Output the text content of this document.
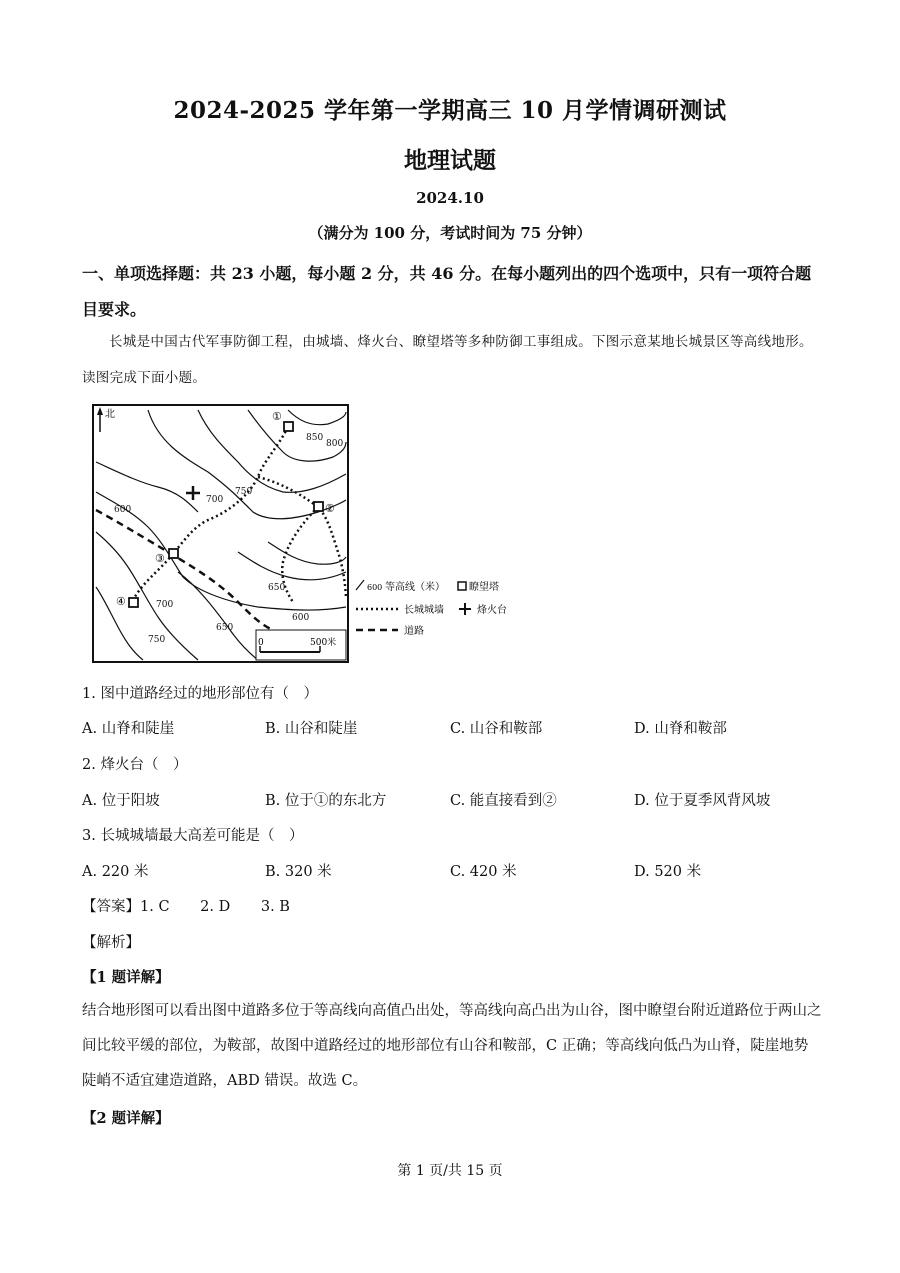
2024-2025 学年第一学期高三 10 月学情调研测试
地理试题
2024.10
（满分为 100 分，考试时间为 75 分钟）
一、单项选择题：共 23 小题，每小题 2 分，共 46 分。在每小题列出的四个选项中，只有一项符合题目要求。
长城是中国古代军事防御工程，由城墙、烽火台、瞭望塔等多种防御工事组成。下图示意某地长城景区等高线地形。读图完成下面小题。
北	①
②
③
④
850
800
750
700
600
650
700
650
600
750	0	500米
600 等高线（米） 瞭望塔
长城城墙	烽火台
道路
1. 图中道路经过的地形部位有（　）
A. 山脊和陡崖	B. 山谷和陡崖	C. 山谷和鞍部	D. 山脊和鞍部
2. 烽火台（　）
A. 位于阳坡	B. 位于①的东北方	C. 能直接看到②	D. 位于夏季风背风坡
3. 长城城墙最大高差可能是（　）
A. 220 米	B. 320 米	C. 420 米	D. 520 米
【答案】1. C 2. D 3. B
【解析】
【1 题详解】
结合地形图可以看出图中道路多位于等高线向高值凸出处，等高线向高凸出为山谷，图中瞭望台附近道路位于两山之间比较平缓的部位，为鞍部，故图中道路经过的地形部位有山谷和鞍部，C 正确；等高线向低凸为山脊，陡崖地势陡峭不适宜建造道路，ABD 错误。故选 C。
【2 题详解】
第 1 页/共 15 页
